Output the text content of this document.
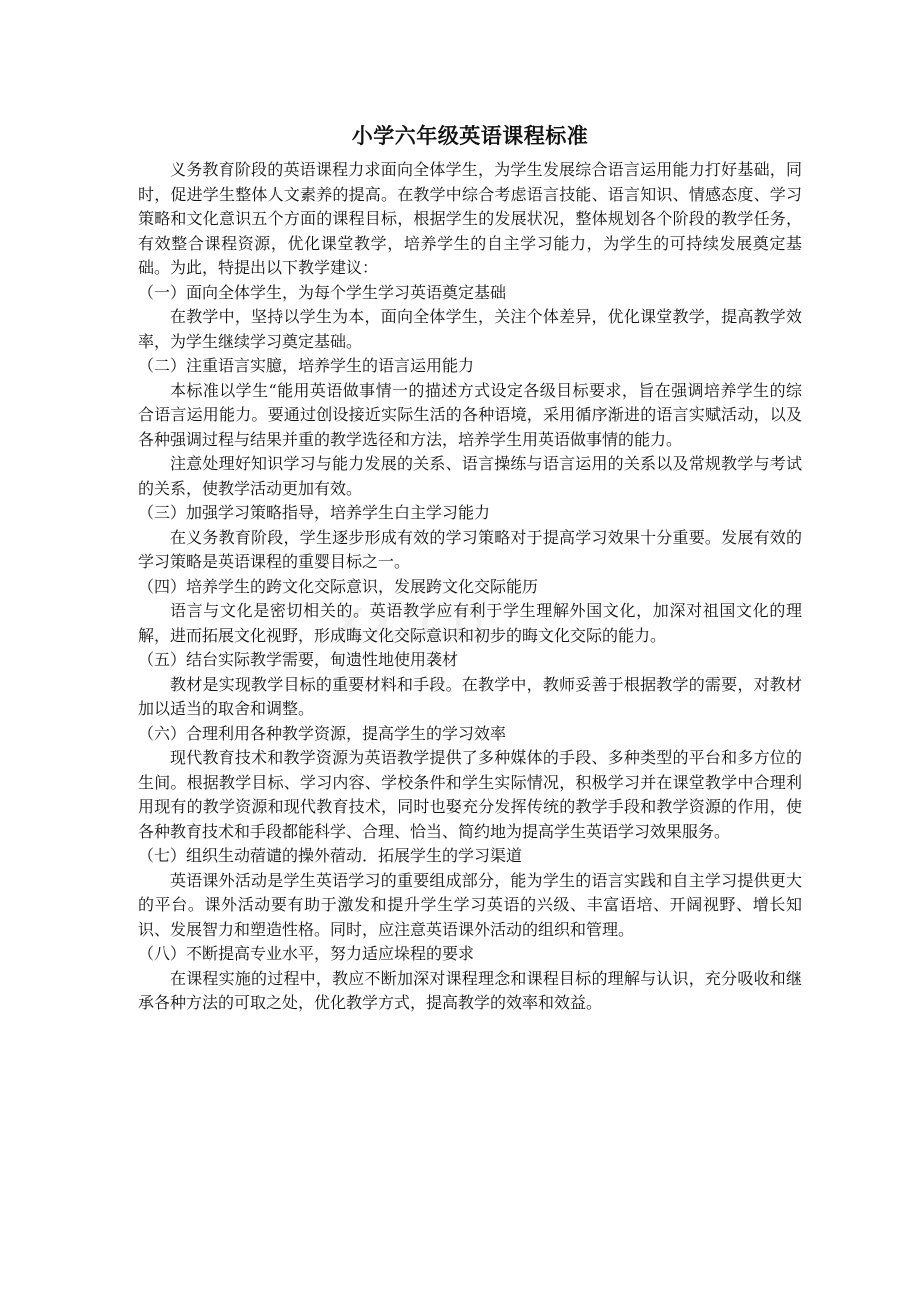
xx.cn
小学六年级英语课程标准

义务教育阶段的英语课程力求面向全体学生，为学生发展综合语言运用能力打好基础，同时，促进学生整体人文素养的提高。在教学中综合考虑语言技能、语言知识、情感态度、学习策略和文化意识五个方面的课程目标，根据学生的发展状况，整体规划各个阶段的教学任务，有效整合课程资源，优化课堂教学，培养学生的自主学习能力，为学生的可持续发展奠定基础。为此，特提出以下教学建议：

（一）面向全体学生，为每个学生学习英语奠定基础

在教学中，坚持以学生为本，面向全体学生，关注个体差异，优化课堂教学，提高教学效率，为学生继续学习奠定基础。

（二）注重语言实臆，培养学生的语言运用能力

本标准以学生“能用英语做事情一的描述方式设定各级目标要求，旨在强调培养学生的综合语言运用能力。要通过创设接近实际生活的各种语境，采用循序渐进的语言实赋活动，以及各种强调过程与结果并重的教学选径和方法，培养学生用英语做事情的能力。

注意处理好知识学习与能力发展的关系、语言操练与语言运用的关系以及常规教学与考试的关系，使教学活动更加有效。

（三）加强学习策略指导，培养学生白主学习能力

在义务教育阶段，学生逐步形成有效的学习策略对于提高学习效果十分重要。发展有效的学习策略是英语课程的重婴目标之一。

（四）培养学生的跨文化交际意识，发展跨文化交际能历

语言与文化是密切相关的。英语教学应有利于学生理解外国文化，加深对祖国文化的理解，进而拓展文化视野，形成晦文化交际意识和初步的晦文化交际的能力。

（五）结台实际教学需要，甸遗性地使用袭材

教材是实现教学目标的重要材料和手段。在教学中，教师妥善于根据教学的需要，对教材加以适当的取舍和调整。

（六）合理利用各种教学资源，提高学生的学习效率

现代教育技术和教学资源为英语教学提供了多种媒体的手段、多种类型的平台和多方位的生间。根据教学目标、学习内容、学校条件和学生实际情况，积极学习并在课堂教学中合理利用现有的教学资源和现代教育技术，同时也娶充分发挥传统的教学手段和教学资源的作用，使各种教育技术和手段都能科学、合理、恰当、简约地为提高学生英语学习效果服务。

（七）组织生动蓿谴的操外蓿动．拓展学生的学习渠道

英语课外活动是学生英语学习的重要组成部分，能为学生的语言实践和自主学习提供更大的平台。课外活动要有助于激发和提升学生学习英语的兴级、丰富语培、开阔视野、增长知识、发展智力和塑造性格。同时，应注意英语课外活动的组织和管理。

（八）不断提高专业水平，努力适应垛程的要求

在课程实施的过程中，教应不断加深对课程理念和课程目标的理解与认识，充分吸收和继承各种方法的可取之处，优化教学方式，提高教学的效率和效益。
